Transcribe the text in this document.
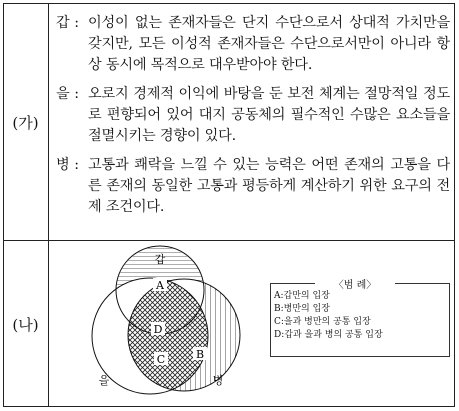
(가)
(나)
갑 : 이성이 없는 존재자들은 단지 수단으로서 상대적 가치만을 갖지만, 모든 이성적 존재자들은 수단으로서만이 아니라 항상 동시에 목적으로 대우받아야 한다.
을 : 오로지 경제적 이익에 바탕을 둔 보전 체계는 절망적일 정도로 편향되어 있어 대지 공동체의 필수적인 수많은 요소들을 절멸시키는 경향이 있다.
병 : 고통과 쾌락을 느낄 수 있는 능력은 어떤 존재의 고통을 다른 존재의 동일한 고통과 평등하게 계산하기 위한 요구의 전제 조건이다.
A
B
D
C
갑
을	병
〈범 례〉
A:갑만의 입장
B:병만의 입장
C:을과 병만의 공통 입장
D:갑과 을과 병의 공통 입장
